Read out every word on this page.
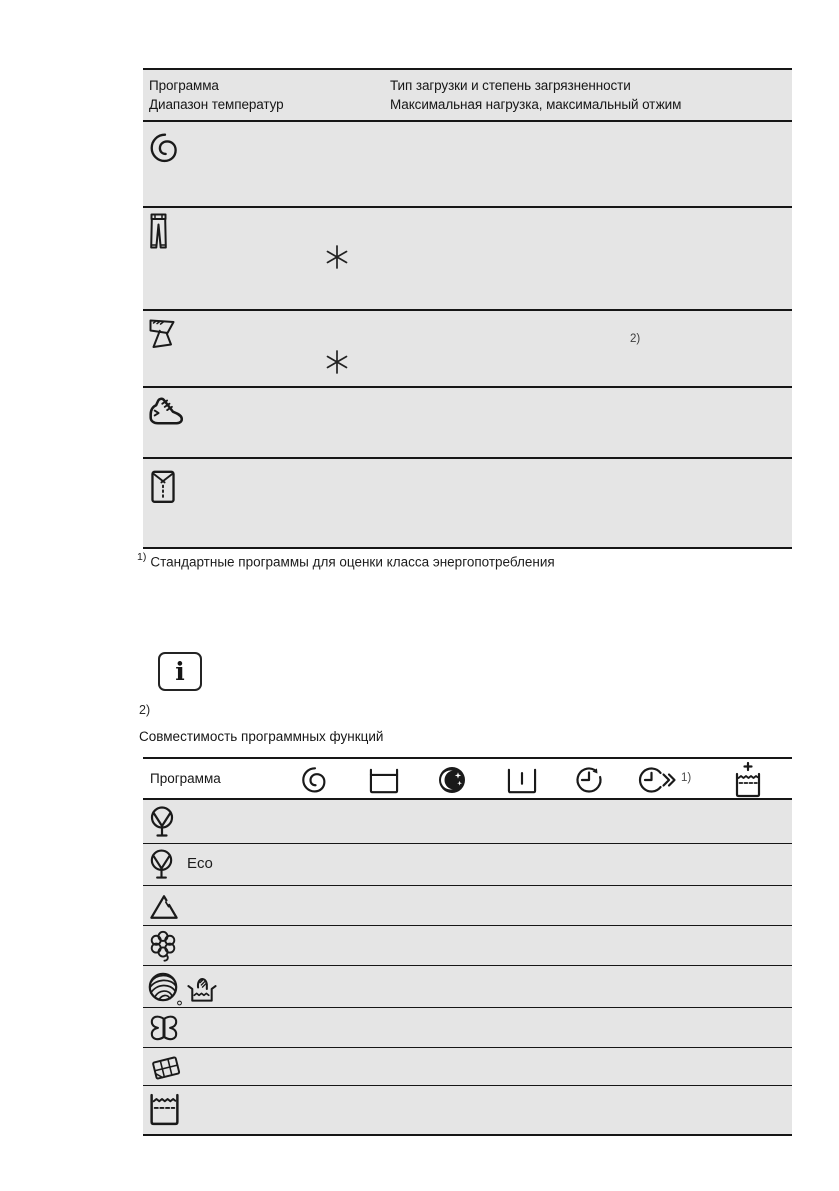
Программа
Диапазон температур
Тип загрузки и степень загрязненности
Максимальная нагрузка, максимальный отжим
2)
$^{1)}$ Стандартные программы для оценки класса энергопотребления
i
2)
Совместимость программных функций
Программа	1)
Eco
